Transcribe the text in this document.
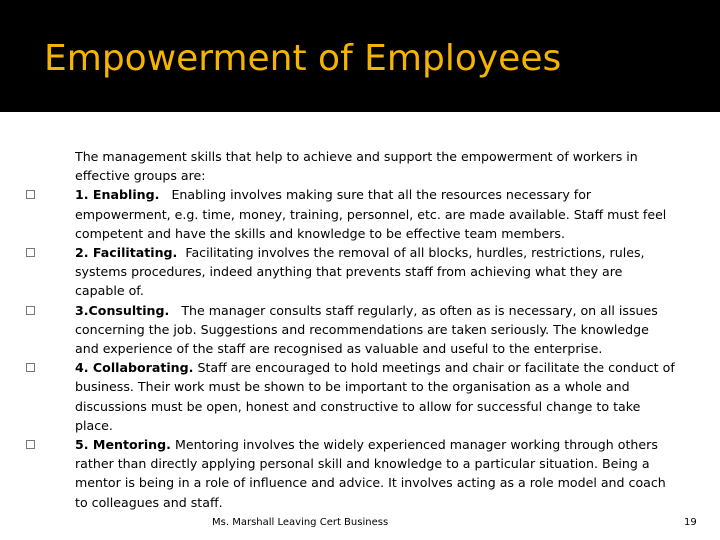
Empowerment of Employees
The management skills that help to achieve and support the empowerment of workers in effective groups are:
1. Enabling. Enabling involves making sure that all the resources necessary for empowerment, e.g. time, money, training, personnel, etc. are made available. Staff must feel competent and have the skills and knowledge to be effective team members.
2. Facilitating. Facilitating involves the removal of all blocks, hurdles, restrictions, rules, systems procedures, indeed anything that prevents staff from achieving what they are capable of.
3.Consulting. The manager consults staff regularly, as often as is necessary, on all issues concerning the job. Suggestions and recommendations are taken seriously. The knowledge and experience of the staff are recognised as valuable and useful to the enterprise.
4. Collaborating. Staff are encouraged to hold meetings and chair or facilitate the conduct of business. Their work must be shown to be important to the organisation as a whole and discussions must be open, honest and constructive to allow for successful change to take place.
5. Mentoring. Mentoring involves the widely experienced manager working through others rather than directly applying personal skill and knowledge to a particular situation. Being a mentor is being in a role of influence and advice. It involves acting as a role model and coach to colleagues and staff.
Ms. Marshall Leaving Cert Business	19
